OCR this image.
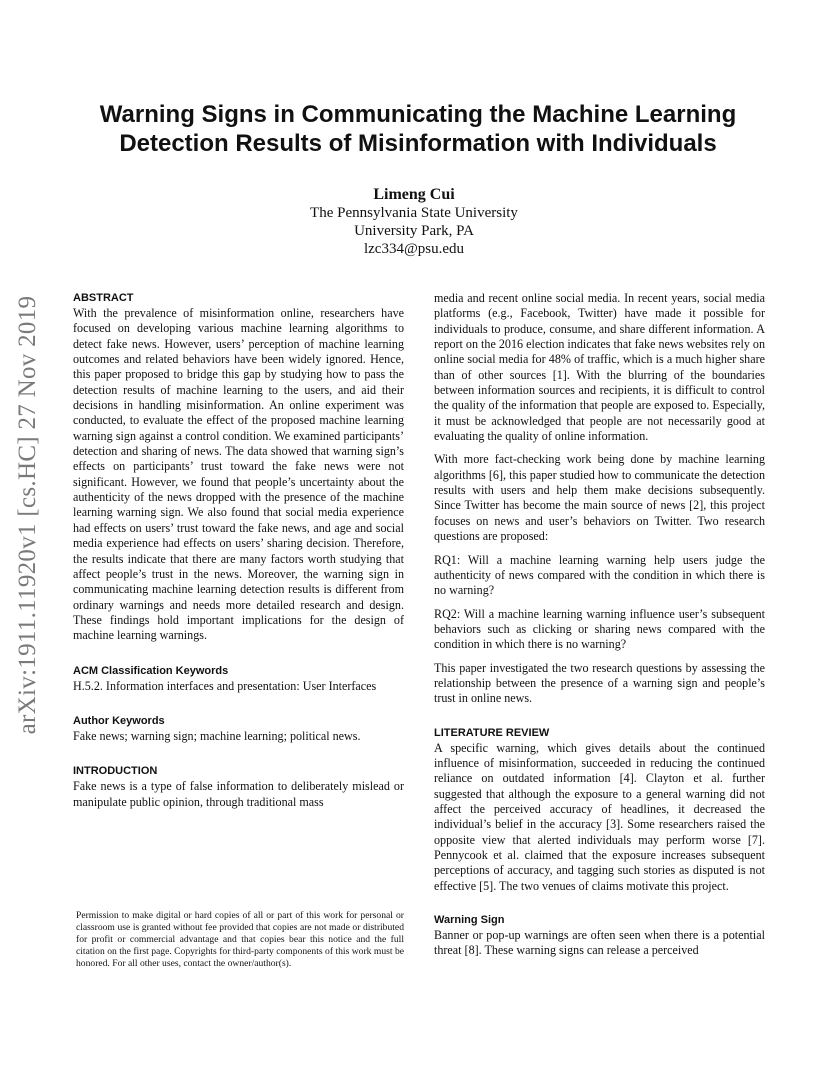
arXiv:1911.11920v1 [cs.HC] 27 Nov 2019
Warning Signs in Communicating the Machine Learning Detection Results of Misinformation with Individuals
Limeng Cui
The Pennsylvania State University
University Park, PA
lzc334@psu.edu
ABSTRACT

With the prevalence of misinformation online, researchers have focused on developing various machine learning algorithms to detect fake news. However, users’ perception of machine learning outcomes and related behaviors have been widely ignored. Hence, this paper proposed to bridge this gap by studying how to pass the detection results of machine learning to the users, and aid their decisions in handling misinformation. An online experiment was conducted, to evaluate the effect of the proposed machine learning warning sign against a control condition. We examined participants’ detection and sharing of news. The data showed that warning sign’s effects on participants’ trust toward the fake news were not significant. However, we found that people’s uncertainty about the authenticity of the news dropped with the presence of the machine learning warning sign. We also found that social media experience had effects on users’ trust toward the fake news, and age and social media experience had effects on users’ sharing decision. Therefore, the results indicate that there are many factors worth studying that affect people’s trust in the news. Moreover, the warning sign in communicating machine learning detection results is different from ordinary warnings and needs more detailed research and design. These findings hold important implications for the design of machine learning warnings.

ACM Classification Keywords

H.5.2. Information interfaces and presentation: User Interfaces

Author Keywords

Fake news; warning sign; machine learning; political news.

INTRODUCTION

Fake news is a type of false information to deliberately mislead or manipulate public opinion, through traditional mass

Permission to make digital or hard copies of all or part of this work for personal or classroom use is granted without fee provided that copies are not made or distributed for profit or commercial advantage and that copies bear this notice and the full citation on the first page. Copyrights for third-party components of this work must be honored. For all other uses, contact the owner/author(s).

media and recent online social media. In recent years, social media platforms (e.g., Facebook, Twitter) have made it possible for individuals to produce, consume, and share different information. A report on the 2016 election indicates that fake news websites rely on online social media for 48% of traffic, which is a much higher share than of other sources [1]. With the blurring of the boundaries between information sources and recipients, it is difficult to control the quality of the information that people are exposed to. Especially, it must be acknowledged that people are not necessarily good at evaluating the quality of online information.

With more fact-checking work being done by machine learning algorithms [6], this paper studied how to communicate the detection results with users and help them make decisions subsequently. Since Twitter has become the main source of news [2], this project focuses on news and user’s behaviors on Twitter. Two research questions are proposed:

RQ1: Will a machine learning warning help users judge the authenticity of news compared with the condition in which there is no warning?

RQ2: Will a machine learning warning influence user’s subsequent behaviors such as clicking or sharing news compared with the condition in which there is no warning?

This paper investigated the two research questions by assessing the relationship between the presence of a warning sign and people’s trust in online news.

LITERATURE REVIEW

A specific warning, which gives details about the continued influence of misinformation, succeeded in reducing the continued reliance on outdated information [4]. Clayton et al. further suggested that although the exposure to a general warning did not affect the perceived accuracy of headlines, it decreased the individual’s belief in the accuracy [3]. Some researchers raised the opposite view that alerted individuals may perform worse [7]. Pennycook et al. claimed that the exposure increases subsequent perceptions of accuracy, and tagging such stories as disputed is not effective [5]. The two venues of claims motivate this project.

Warning Sign

Banner or pop-up warnings are often seen when there is a potential threat [8]. These warning signs can release a perceived
